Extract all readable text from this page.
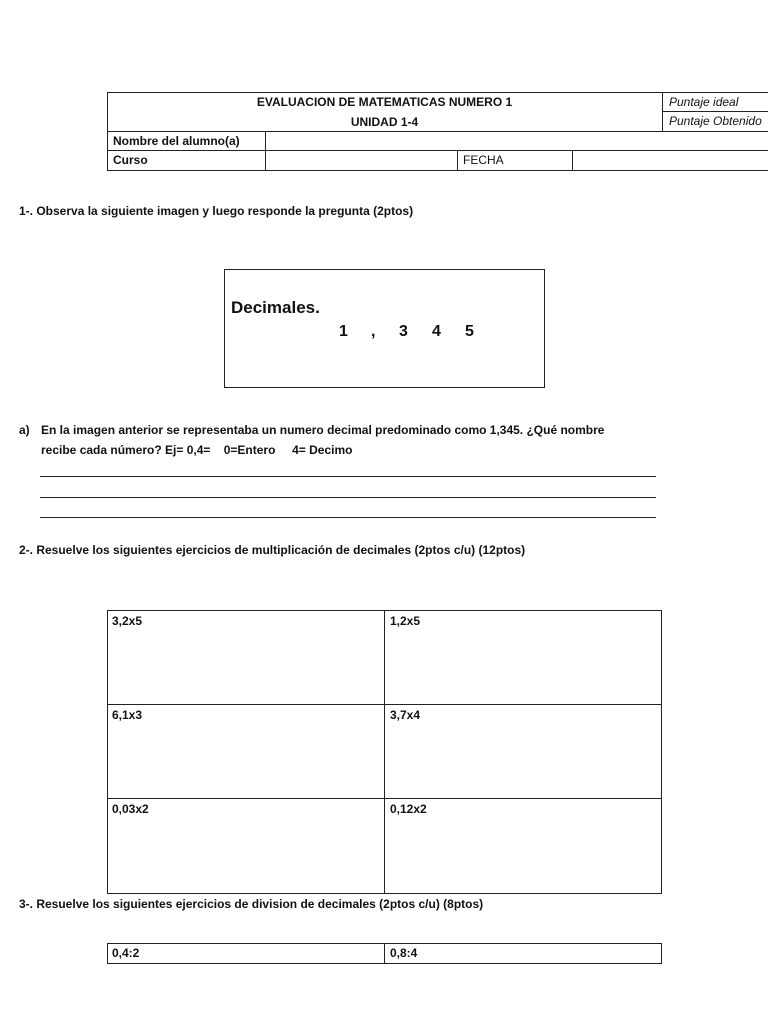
EVALUACION DE MATEMATICAS NUMERO 1
UNIDAD 1-4
Puntaje ideal
Puntaje Obtenido
Nombre del alumno(a)
Curso	FECHA
1-. Observa la siguiente imagen y luego responde la pregunta (2ptos)
Decimales.
1 , 3 4 5
a) En la imagen anterior se representaba un numero decimal predominado como 1,345. ¿Qué nombre
recibe cada número? Ej= 0,4=    0=Entero     4= Decimo
2-. Resuelve los siguientes ejercicios de multiplicación de decimales (2ptos c/u) (12ptos)
3,2x5	1,2x5
6,1x3	3,7x4
0,03x2	0,12x2
3-. Resuelve los siguientes ejercicios de division de decimales (2ptos c/u) (8ptos)
0,4:2	0,8:4
